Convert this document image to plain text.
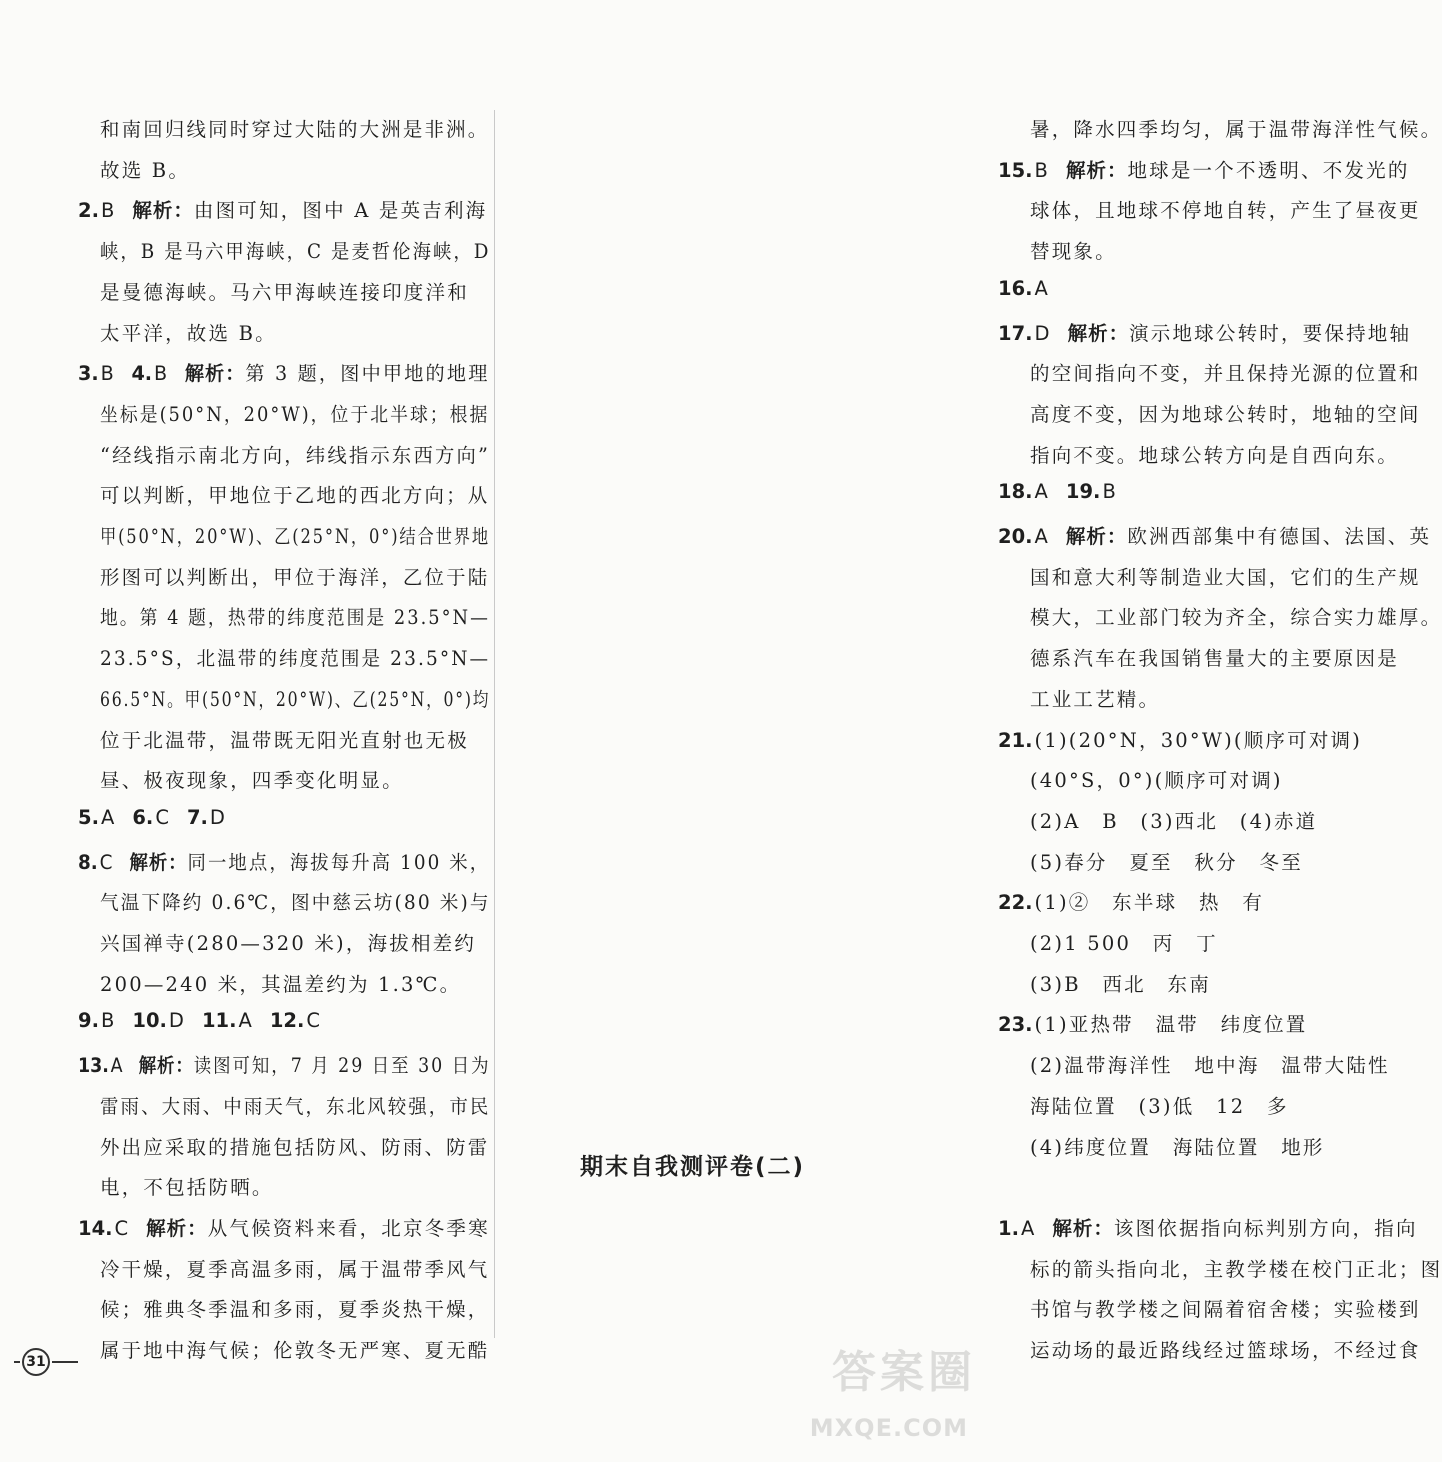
和南回归线同时穿过大陆的大洲是非洲。
故选 B。
2. B 解析：由图可知，图中 A 是英吉利海
峡，B 是马六甲海峡，C 是麦哲伦海峡，D
是曼德海峡。马六甲海峡连接印度洋和
太平洋，故选 B。
3. B 4. B 解析：第 3 题，图中甲地的地理
坐标是(50°N，20°W)，位于北半球；根据
“经线指示南北方向，纬线指示东西方向”
可以判断，甲地位于乙地的西北方向；从
甲(50°N，20°W)、乙(25°N，0°)结合世界地
形图可以判断出，甲位于海洋，乙位于陆
地。第 4 题，热带的纬度范围是 23.5°N—
23.5°S，北温带的纬度范围是 23.5°N—
66.5°N。甲(50°N，20°W)、乙(25°N，0°)均
位于北温带，温带既无阳光直射也无极
昼、极夜现象，四季变化明显。
5. A 6. C 7. D
8.C 解析：同一地点，海拔每升高 100 米，
气温下降约 0.6℃，图中慈云坊(80 米)与
兴国禅寺(280—320 米)，海拔相差约
200—240 米，其温差约为 1.3℃。
9. B 10. D 11. A 12. C
13.A 解析：读图可知，7 月 29 日至 30 日为
雷雨、大雨、中雨天气，东北风较强，市民
外出应采取的措施包括防风、防雨、防雷
电，不包括防晒。
14. C 解析：从气候资料来看，北京冬季寒
冷干燥，夏季高温多雨，属于温带季风气
候；雅典冬季温和多雨，夏季炎热干燥，
属于地中海气候；伦敦冬无严寒、夏无酷
暑，降水四季均匀，属于温带海洋性气候。
15. B 解析：地球是一个不透明、不发光的
球体，且地球不停地自转，产生了昼夜更
替现象。
16. A
17. D 解析：演示地球公转时，要保持地轴
的空间指向不变，并且保持光源的位置和
高度不变，因为地球公转时，地轴的空间
指向不变。地球公转方向是自西向东。
18. A 19. B
20. A 解析：欧洲西部集中有德国、法国、英
国和意大利等制造业大国，它们的生产规
模大，工业部门较为齐全，综合实力雄厚。
德系汽车在我国销售量大的主要原因是
工业工艺精。
21. (1)(20°N，30°W)(顺序可对调)
(40°S，0°)(顺序可对调)
(2)A　B　(3)西北　(4)赤道
(5)春分　夏至　秋分　冬至
22. (1)②　东半球　热　有
(2)1 500　丙　丁
(3)B　西北　东南
23. (1)亚热带　温带　纬度位置
(2)温带海洋性　地中海　温带大陆性
海陆位置　(3)低　12　多
(4)纬度位置　海陆位置　地形
1. A 解析：该图依据指向标判别方向，指向
标的箭头指向北，主教学楼在校门正北；图
书馆与教学楼之间隔着宿舍楼；实验楼到
运动场的最近路线经过篮球场，不经过食
期末自我测评卷(二)
31	答案圈
MXQE.COM
